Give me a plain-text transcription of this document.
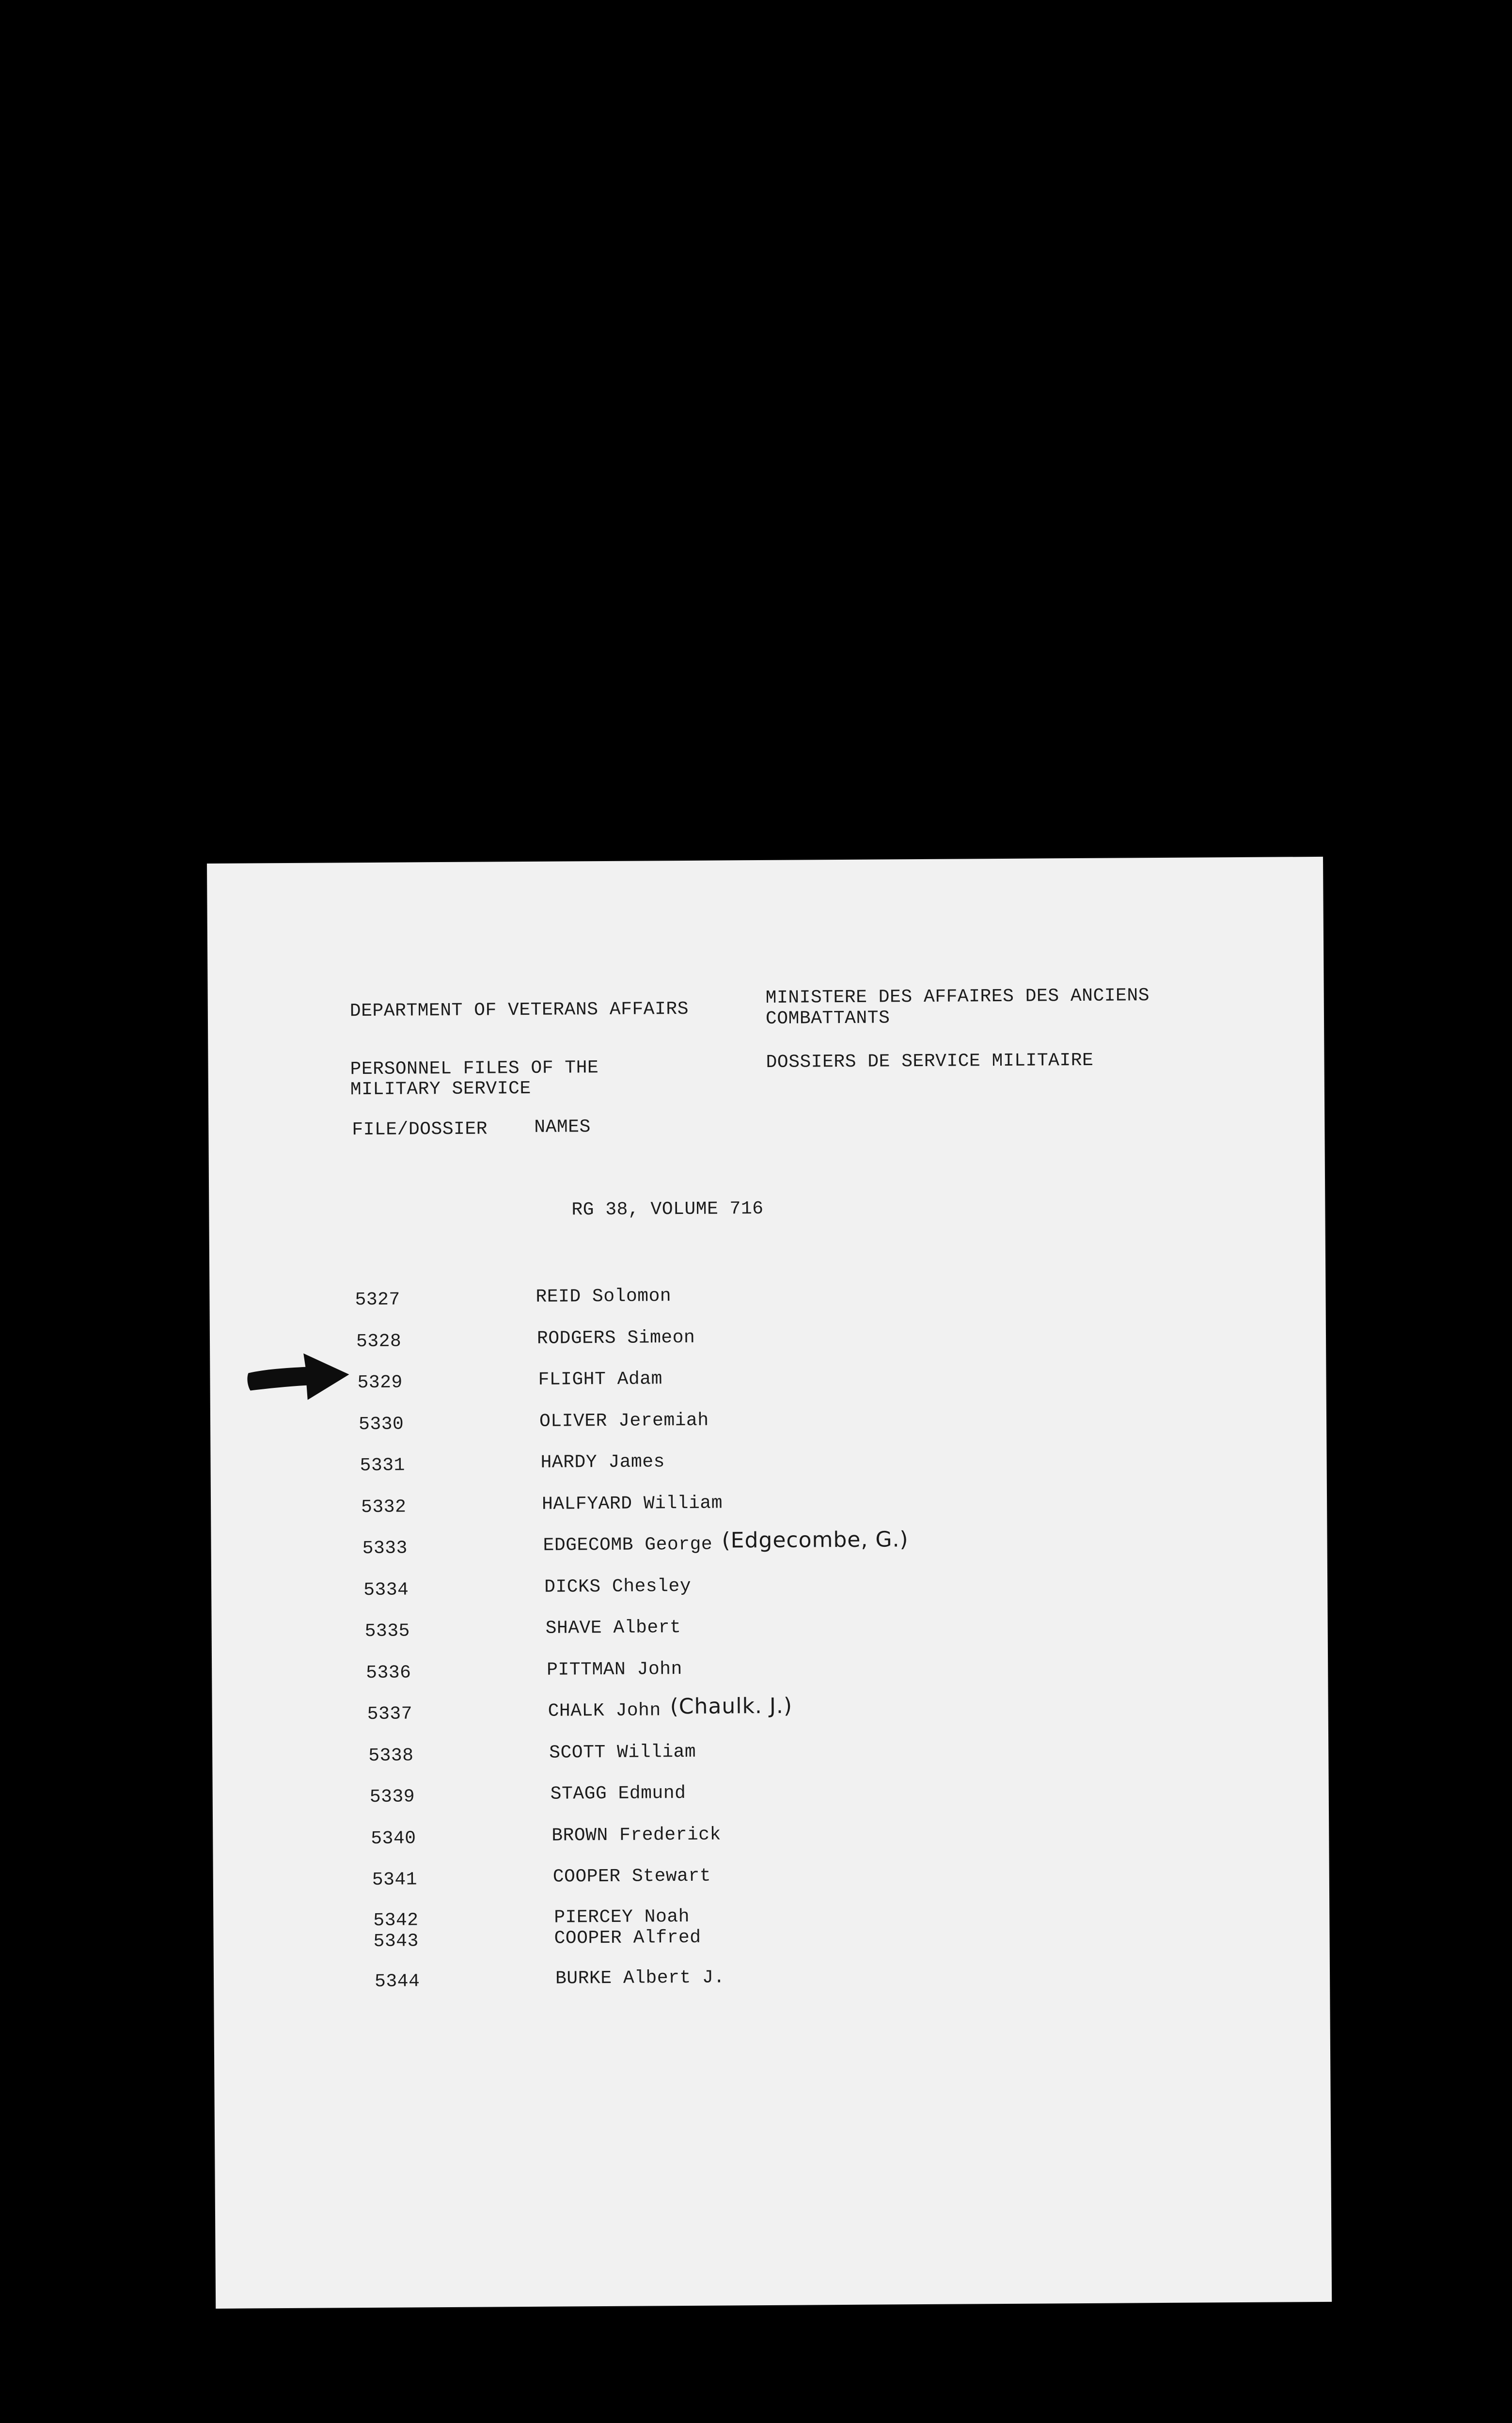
DEPARTMENT OF VETERANS AFFAIRS
MINISTERE DES AFFAIRES DES ANCIENS
COMBATTANTS
PERSONNEL FILES OF THE
MILITARY SERVICE
DOSSIERS DE SERVICE MILITAIRE
FILE/DOSSIER	NAMES
RG 38, VOLUME 716
5327	REID Solomon
5328	RODGERS Simeon
5329	FLIGHT Adam
5330	OLIVER Jeremiah
5331	HARDY James
5332	HALFYARD William
5333	EDGECOMB George (Edgecombe, G.)
5334	DICKS Chesley
5335	SHAVE Albert
5336	PITTMAN John
5337	CHALK John (Chaulk. J.)
5338	SCOTT William
5339	STAGG Edmund
5340	BROWN Frederick
5341	COOPER Stewart
5342	PIERCEY Noah
5343	COOPER Alfred
5344	BURKE Albert J.
